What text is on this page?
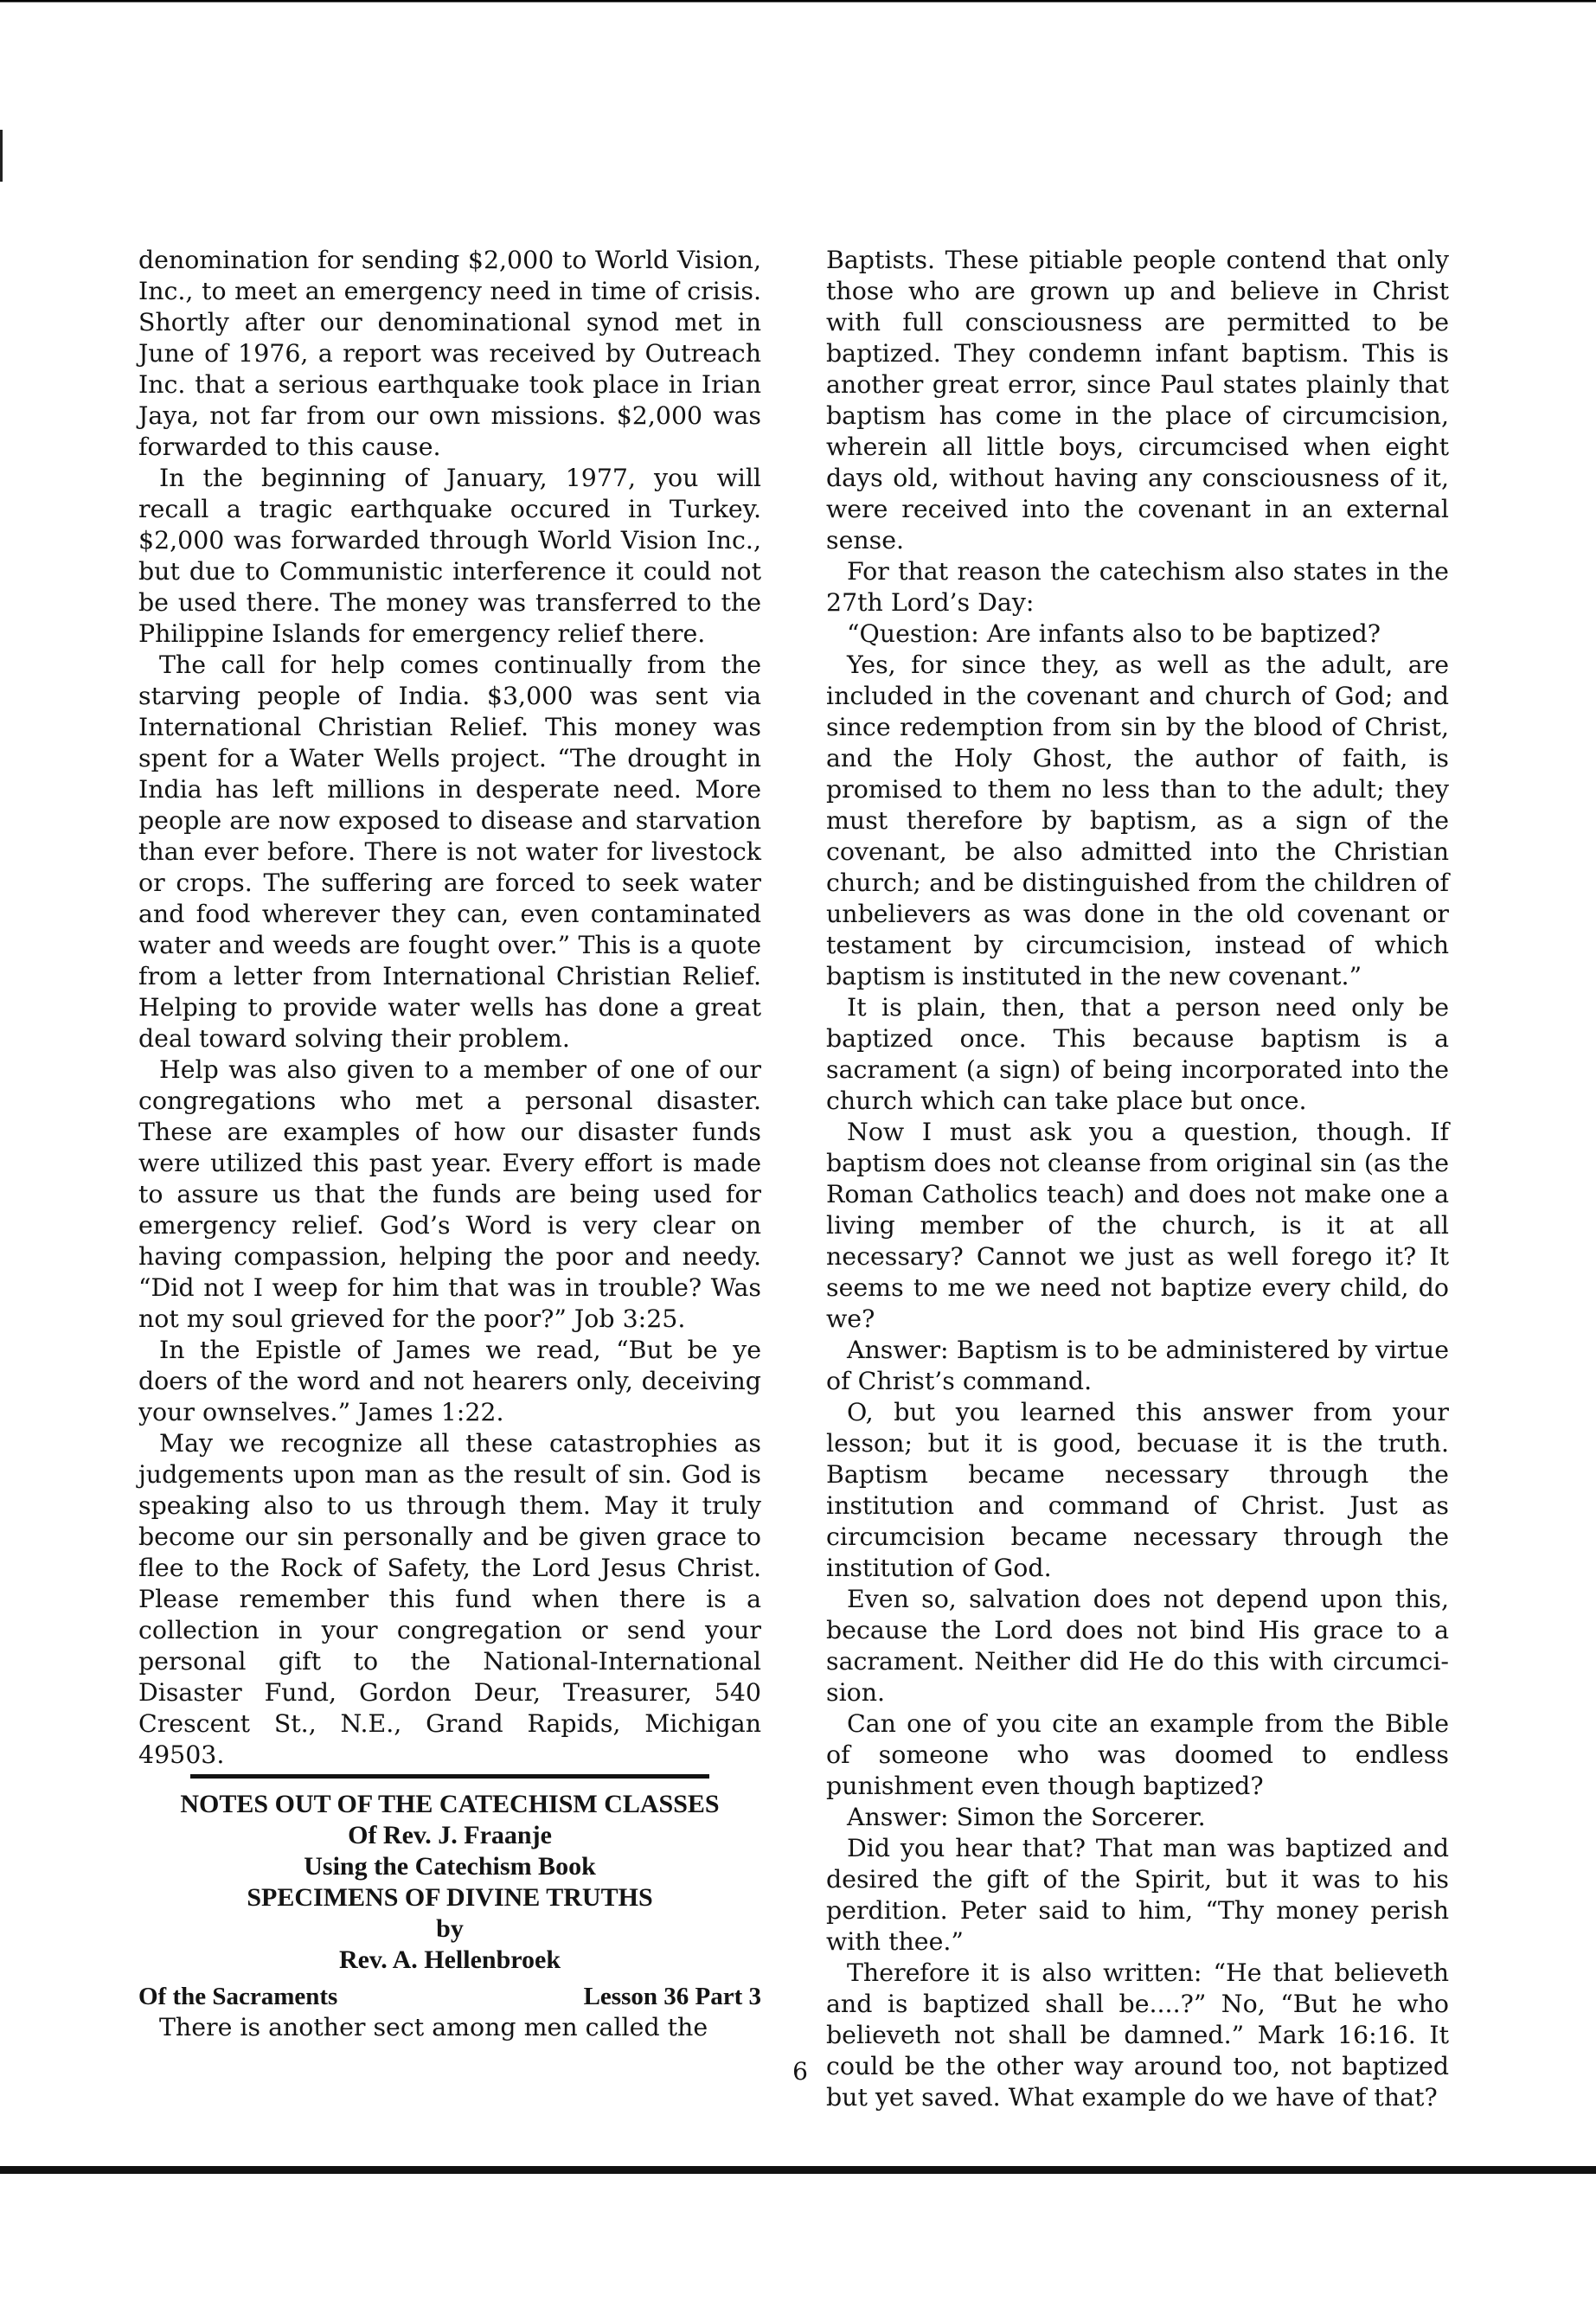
denomination for sending $2,000 to World Vision, Inc., to meet an emergency need in time of crisis. Shortly after our denominational synod met in June of 1976, a report was received by Outreach Inc. that a serious earthquake took place in Irian Jaya, not far from our own missions. $2,000 was forwarded to this cause.

In the beginning of January, 1977, you will recall a tragic earthquake occured in Turkey. $2,000 was forwarded through World Vision Inc., but due to Communistic interference it could not be used there. The money was transferred to the Philippine Islands for emergency relief there.

The call for help comes continually from the starving people of India. $3,000 was sent via International Christian Relief. This money was spent for a Water Wells project. “The drought in India has left millions in desperate need. More people are now exposed to disease and starvation than ever before. There is not water for livestock or crops. The suffering are forced to seek water and food wherever they can, even contaminated water and weeds are fought over.” This is a quote from a letter from International Christian Relief. Helping to provide water wells has done a great deal toward solving their problem.

Help was also given to a member of one of our congregations who met a personal disaster. These are examples of how our disaster funds were utilized this past year. Every effort is made to assure us that the funds are being used for emergency relief. God’s Word is very clear on having compassion, helping the poor and needy. “Did not I weep for him that was in trouble? Was not my soul grieved for the poor?” Job 3:25.

In the Epistle of James we read, “But be ye doers of the word and not hearers only, deceiving your ownselves.” James 1:22.

May we recognize all these catastrophies as judgements upon man as the result of sin. God is speaking also to us through them. May it truly become our sin personally and be given grace to flee to the Rock of Safety, the Lord Jesus Christ. Please remember this fund when there is a collection in your congregation or send your personal gift to the National-International Disaster Fund, Gordon Deur, Treasurer, 540 Crescent St., N.E., Grand Rapids, Michigan 49503.

NOTES OUT OF THE CATECHISM CLASSES

Of Rev. J. Fraanje

Using the Catechism Book

SPECIMENS OF DIVINE TRUTHS

by

Rev. A. Hellenbroek

Of the Sacraments	Lesson 36 Part 3

There is another sect among men called the

Baptists. These pitiable people contend that only those who are grown up and believe in Christ with full consciousness are permitted to be baptized. They condemn infant baptism. This is another great error, since Paul states plainly that baptism has come in the place of circumcision, wherein all little boys, circumcised when eight days old, without having any consciousness of it, were received into the covenant in an external sense.

For that reason the catechism also states in the 27th Lord’s Day:

“Question: Are infants also to be baptized?

Yes, for since they, as well as the adult, are included in the covenant and church of God; and since redemption from sin by the blood of Christ, and the Holy Ghost, the author of faith, is promised to them no less than to the adult; they must therefore by baptism, as a sign of the covenant, be also admitted into the Christian church; and be distinguished from the children of unbelievers as was done in the old covenant or testament by circumcision, instead of which baptism is instituted in the new covenant.”

It is plain, then, that a person need only be baptized once. This because baptism is a sacrament (a sign) of being incorporated into the church which can take place but once.

Now I must ask you a question, though. If baptism does not cleanse from original sin (as the Roman Catholics teach) and does not make one a living member of the church, is it at all necessary? Cannot we just as well forego it? It seems to me we need not baptize every child, do we?

Answer: Baptism is to be administered by virtue of Christ’s command.

O, but you learned this answer from your lesson; but it is good, becuase it is the truth. Baptism became necessary through the institution and command of Christ. Just as circumcision became necessary through the institution of God.

Even so, salvation does not depend upon this, because the Lord does not bind His grace to a sacrament. Neither did He do this with circumci-sion.

Can one of you cite an example from the Bible of someone who was doomed to endless punishment even though baptized?

Answer: Simon the Sorcerer.

Did you hear that? That man was baptized and desired the gift of the Spirit, but it was to his perdition. Peter said to him, “Thy money perish with thee.”

Therefore it is also written: “He that believeth and is baptized shall be....?” No, “But he who believeth not shall be damned.” Mark 16:16. It could be the other way around too, not baptized but yet saved. What example do we have of that?

6
